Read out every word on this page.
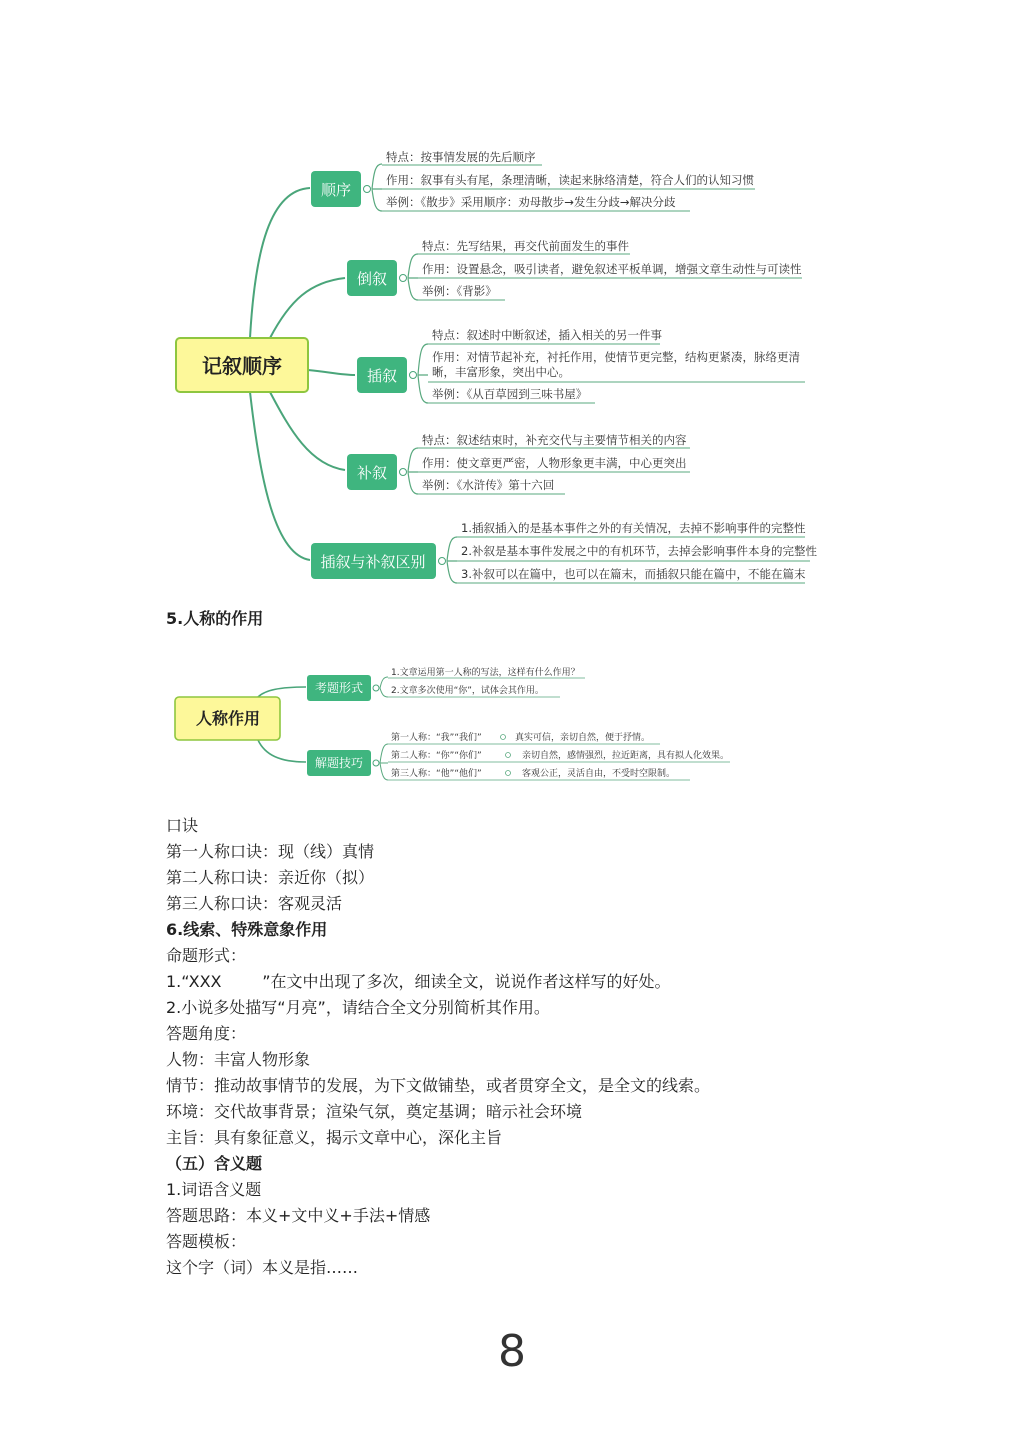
记叙顺序
顺序
特点：按事情发展的先后顺序
作用：叙事有头有尾，条理清晰，读起来脉络清楚，符合人们的认知习惯
举例：《散步》采用顺序：劝母散步→发生分歧→解决分歧
倒叙
特点：先写结果，再交代前面发生的事件
作用：设置悬念，吸引读者，避免叙述平板单调，增强文章生动性与可读性
举例：《背影》
插叙
特点：叙述时中断叙述，插入相关的另一件事
作用：对情节起补充，衬托作用，使情节更完整，结构更紧凑，脉络更清
晰，丰富形象，突出中心。
举例：《从百草园到三味书屋》
补叙
特点：叙述结束时，补充交代与主要情节相关的内容
作用：使文章更严密，人物形象更丰满，中心更突出
举例：《水浒传》第十六回
插叙与补叙区别
1.插叙插入的是基本事件之外的有关情况，去掉不影响事件的完整性
2.补叙是基本事件发展之中的有机环节，去掉会影响事件本身的完整性
3.补叙可以在篇中，也可以在篇末，而插叙只能在篇中，不能在篇末
5.人称的作用
人称作用
考题形式
1.文章运用第一人称的写法，这样有什么作用？
2.文章多次使用“你”，试体会其作用。
解题技巧
第一人称：“我”“我们”	真实可信，亲切自然，便于抒情。
第二人称：“你”“你们”	亲切自然，感情强烈，拉近距离，具有拟人化效果。
第三人称：“他”“他们”	客观公正，灵活自由，不受时空限制。
口诀
第一人称口诀：现（线）真情
第二人称口诀：亲近你（拟）
第三人称口诀：客观灵活
6.线索、特殊意象作用
命题形式：
1.“XXX        ”在文中出现了多次，细读全文，说说作者这样写的好处。
2.小说多处描写“月亮”，请结合全文分别简析其作用。
答题角度：
人物：丰富人物形象
情节：推动故事情节的发展，为下文做铺垫，或者贯穿全文，是全文的线索。
环境：交代故事背景；渲染气氛，奠定基调；暗示社会环境
主旨：具有象征意义，揭示文章中心，深化主旨
（五）含义题
1.词语含义题
答题思路：本义+文中义+手法+情感
答题模板：
这个字（词）本义是指……
8
